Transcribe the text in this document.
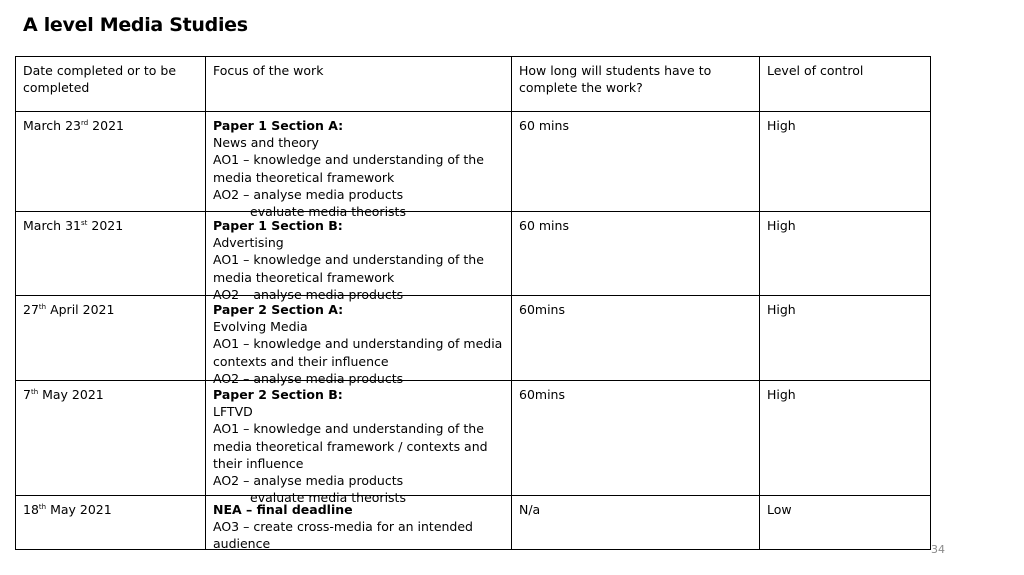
A level Media Studies
Date completed or to be completed	Focus of the work	How long will students have to complete the work?	Level of control
March 23rd 2021	Paper 1 Section A:
News and theory
AO1 – knowledge and understanding of the media theoretical framework
AO2 – analyse media products
evaluate media theorists	60 mins	High
March 31st 2021	Paper 1 Section B:
Advertising
AO1 – knowledge and understanding of the media theoretical framework
AO2 – analyse media products	60 mins	High
27th April 2021	Paper 2 Section A:
Evolving Media
AO1 – knowledge and understanding of media contexts and their influence
AO2 – analyse media products	60mins	High
7th May 2021	Paper 2 Section B:
LFTVD
AO1 – knowledge and understanding of the media theoretical framework / contexts and their influence
AO2 – analyse media products
evaluate media theorists	60mins	High
18th May 2021	NEA – final deadline
AO3 – create cross-media for an intended audience	N/a	Low
34
